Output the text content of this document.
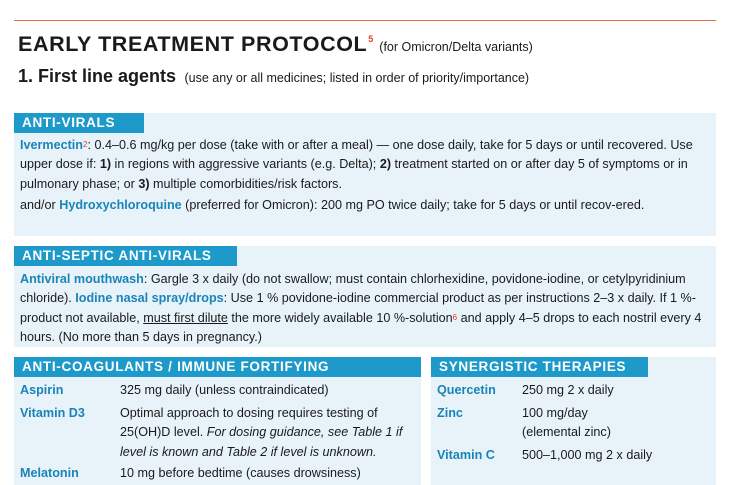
EARLY TREATMENT PROTOCOL$^5$(for Omicron/Delta variants)
1. First line agents (use any or all medicines; listed in order of priority/importance)
ANTI-VIRALS
Ivermectin$^2$: 0.4–0.6 mg/kg per dose (take with or after a meal) — one dose daily, take for 5 days or until recovered. Use upper dose if: 1) in regions with aggressive variants (e.g. Delta); 2) treatment started on or after day 5 of symptoms or in pulmonary phase; or 3) multiple comorbidities/risk factors.
and/or Hydroxychloroquine (preferred for Omicron): 200 mg PO twice daily; take for 5 days or until recov-ered.
ANTI-SEPTIC ANTI-VIRALS
Antiviral mouthwash: Gargle 3 x daily (do not swallow; must contain chlorhexidine, povidone-iodine, or cetylpyridinium chloride). Iodine nasal spray/drops: Use 1 % povidone-iodine commercial product as per instructions 2–3 x daily. If 1 %-product not available, must first dilute the more widely available 10 %-solution$^6$ and apply 4–5 drops to each nostril every 4 hours. (No more than 5 days in pregnancy.)
ANTI-COAGULANTS / IMMUNE FORTIFYING
Aspirin	325 mg daily (unless contraindicated)
Vitamin D3	Optimal approach to dosing requires testing of 25(OH)D level. For dosing guidance, see Table 1 if level is known and Table 2 if level is unknown.
Melatonin	10 mg before bedtime (causes drowsiness)
SYNERGISTIC THERAPIES
Quercetin 250 mg 2 x daily
Zinc	100 mg/day (elemental zinc)
Vitamin C 500–1,000 mg 2 x daily
